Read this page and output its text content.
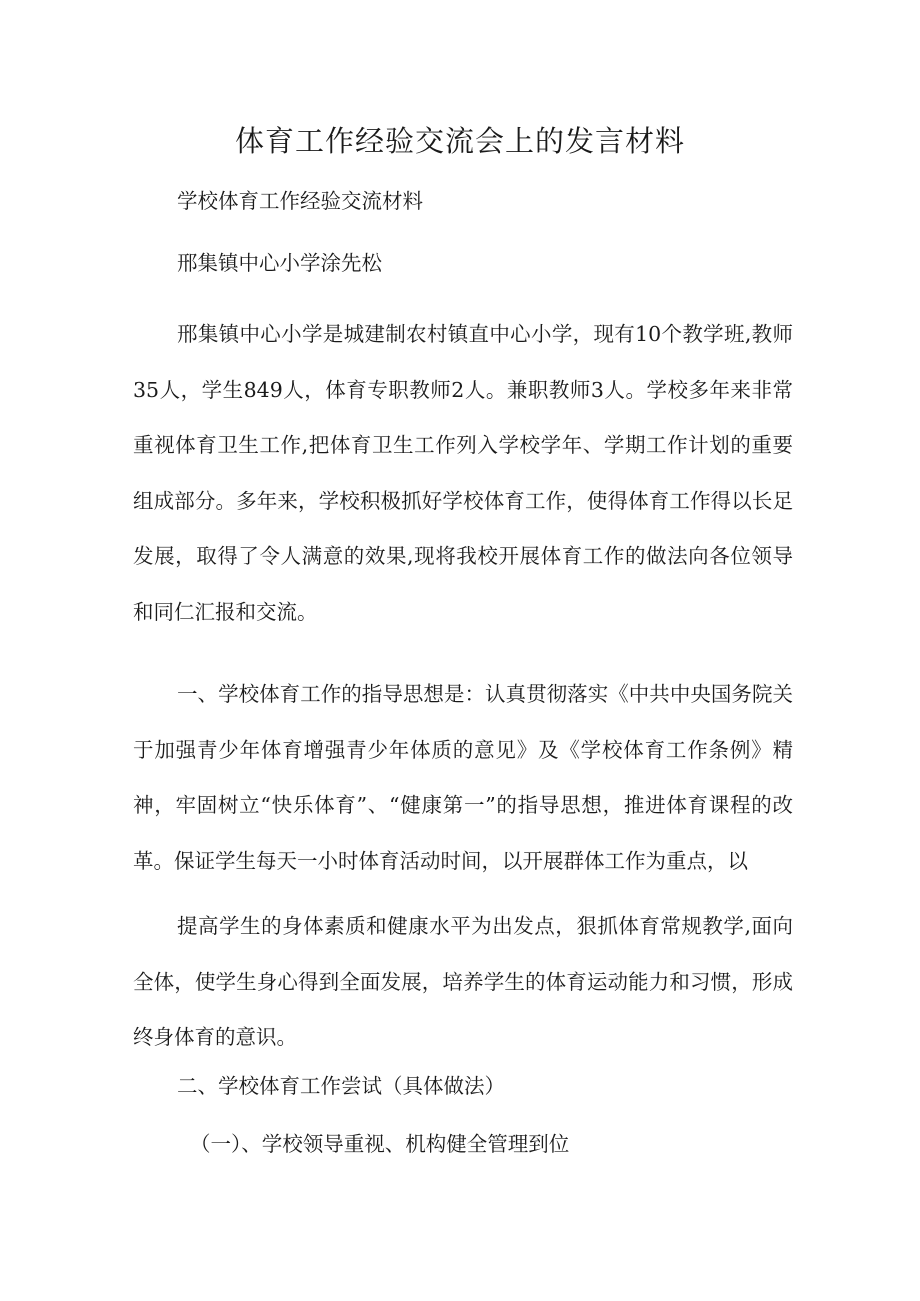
体育工作经验交流会上的发言材料

学校体育工作经验交流材料

邢集镇中心小学涂先松

邢集镇中心小学是城建制农村镇直中心小学，现有10个教学班,教师35人，学生849人，体育专职教师2人。兼职教师3人。学校多年来非常重视体育卫生工作,把体育卫生工作列入学校学年、学期工作计划的重要组成部分。多年来，学校积极抓好学校体育工作，使得体育工作得以长足发展，取得了令人满意的效果,现将我校开展体育工作的做法向各位领导和同仁汇报和交流。

一、学校体育工作的指导思想是：认真贯彻落实《中共中央国务院关于加强青少年体育增强青少年体质的意见》及《学校体育工作条例》精神，牢固树立“快乐体育”、“健康第一”的指导思想，推进体育课程的改革。保证学生每天一小时体育活动时间，以开展群体工作为重点，以

提高学生的身体素质和健康水平为出发点，狠抓体育常规教学,面向全体，使学生身心得到全面发展，培养学生的体育运动能力和习惯，形成终身体育的意识。

二、学校体育工作尝试（具体做法）

（一）、学校领导重视、机构健全管理到位
